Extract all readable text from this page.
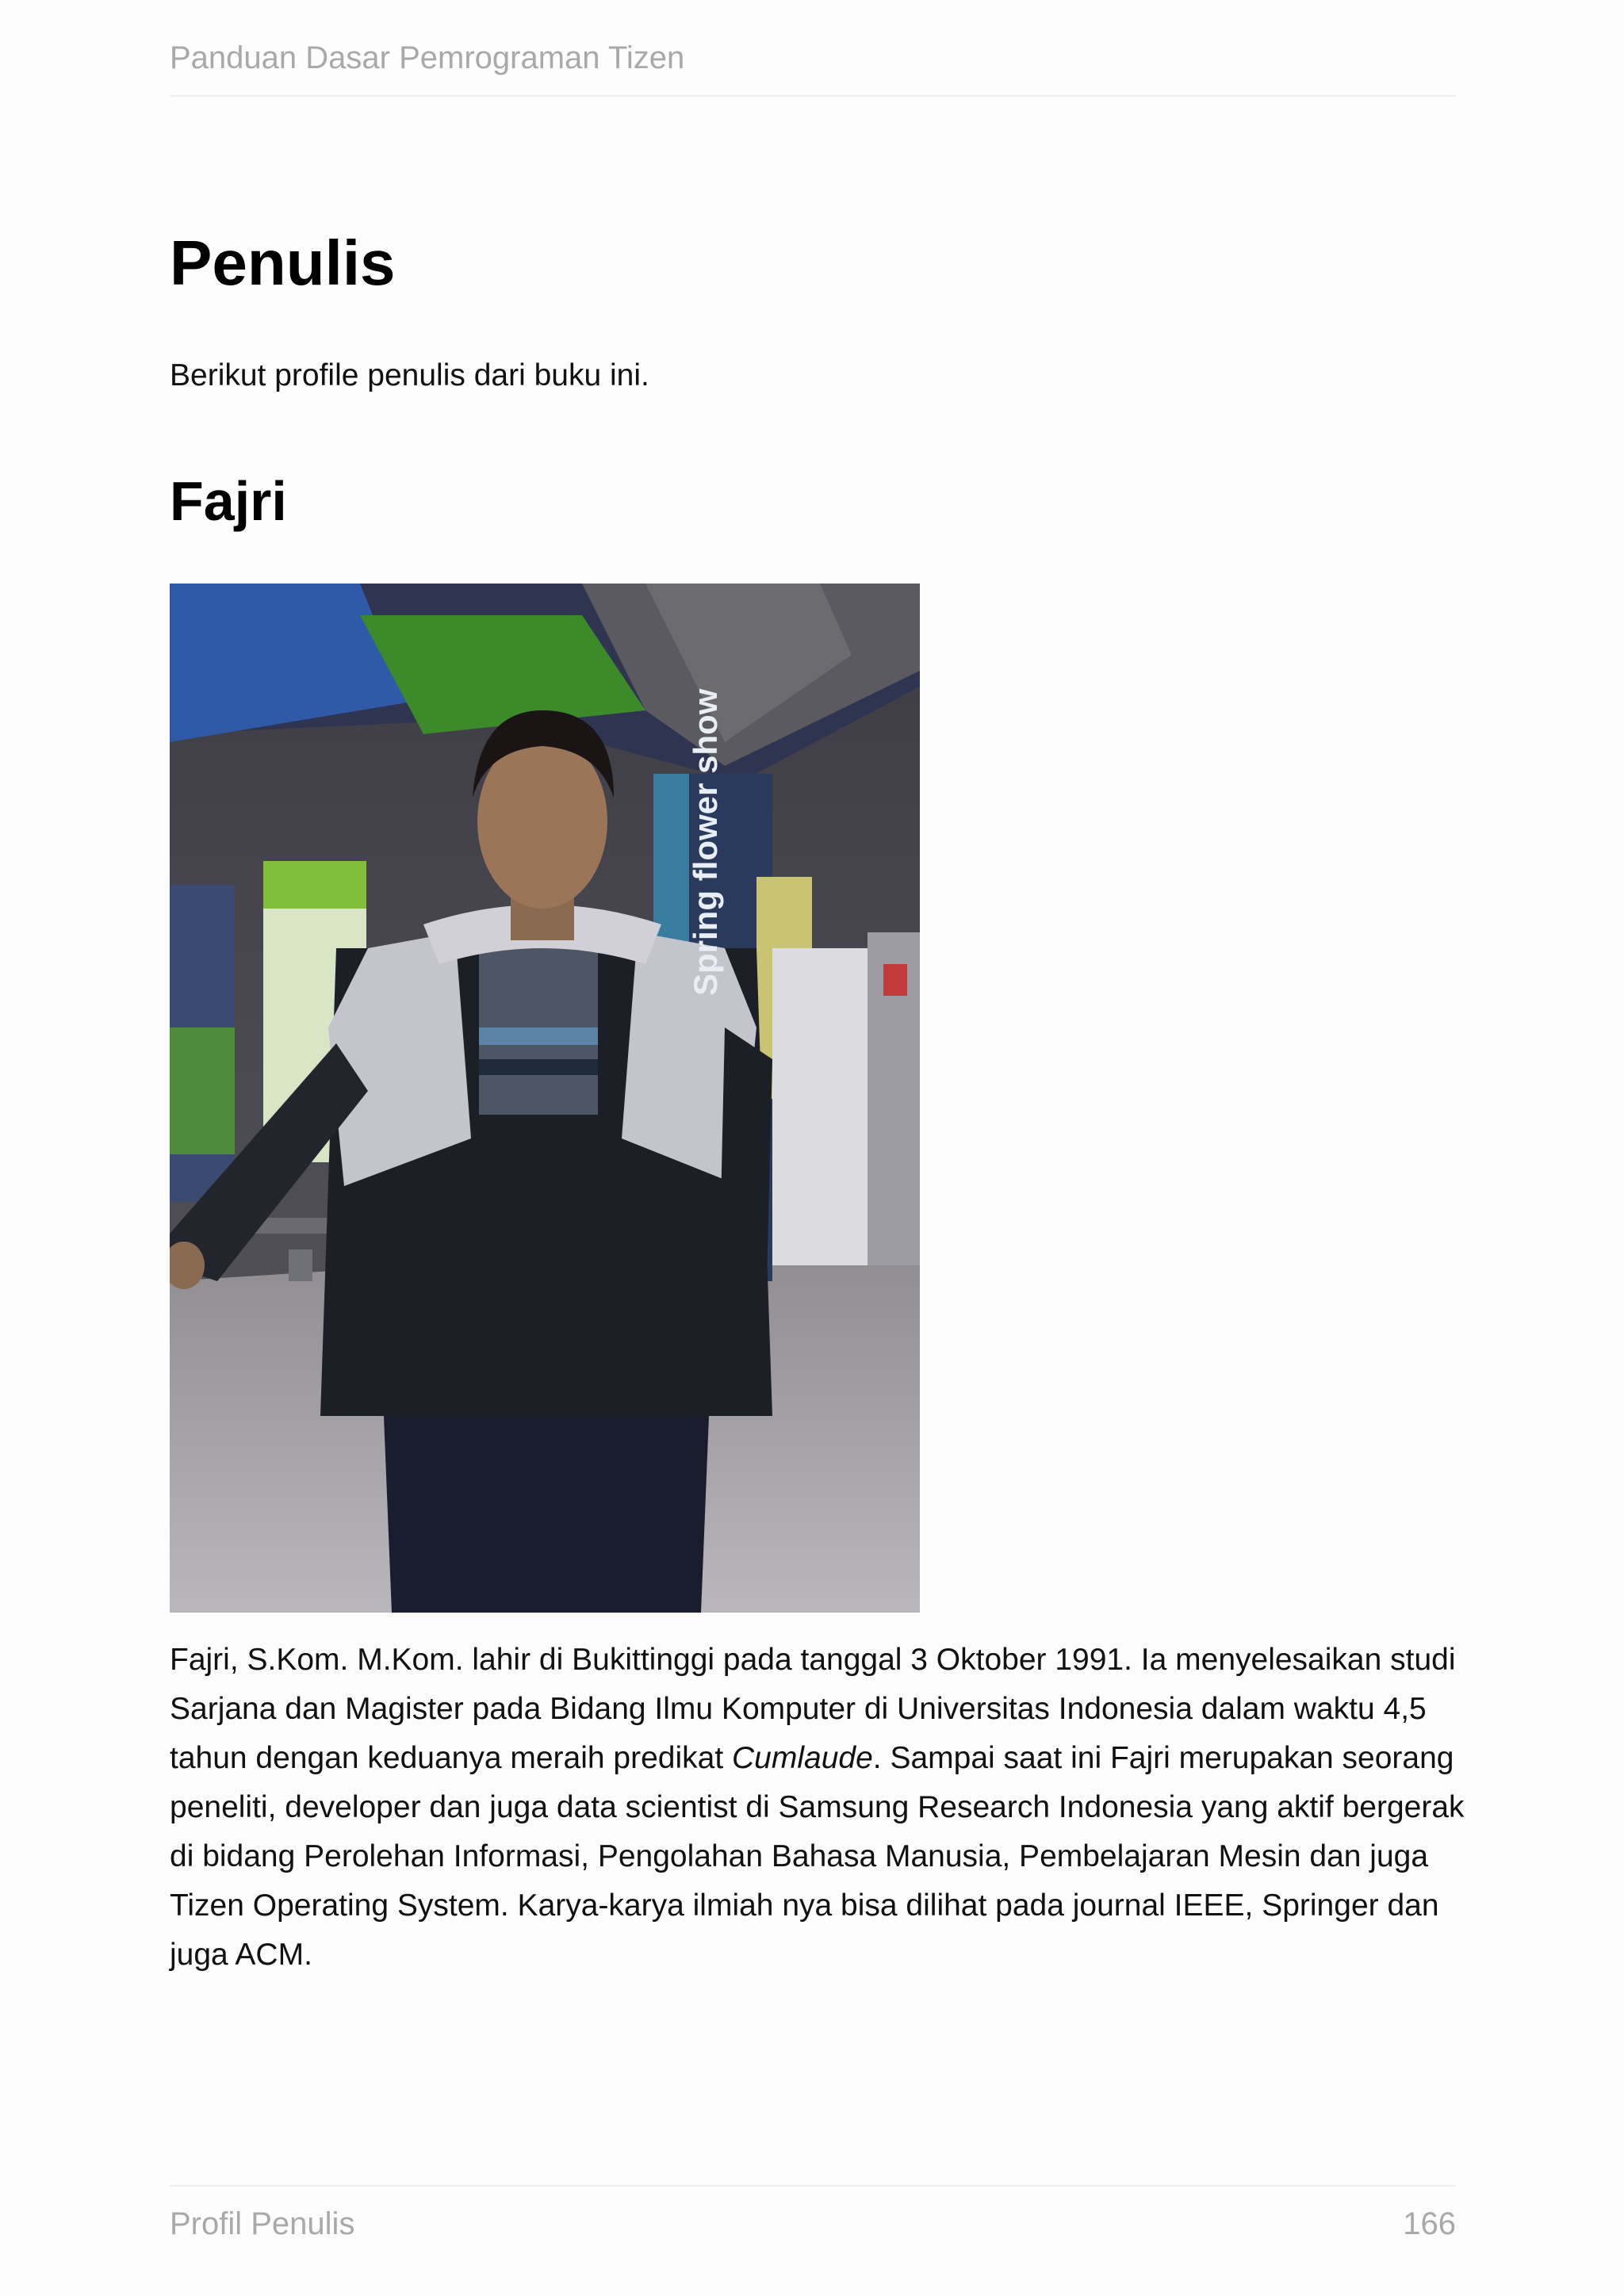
Panduan Dasar Pemrograman Tizen
Penulis

Berikut profile penulis dari buku ini.

Fajri
Spring flower show

Fajri, S.Kom. M.Kom. lahir di Bukittinggi pada tanggal 3 Oktober 1991. Ia menyelesaikan studi Sarjana dan Magister pada Bidang Ilmu Komputer di Universitas Indonesia dalam waktu 4,5 tahun dengan keduanya meraih predikat Cumlaude. Sampai saat ini Fajri merupakan seorang peneliti, developer dan juga data scientist di Samsung Research Indonesia yang aktif bergerak di bidang Perolehan Informasi, Pengolahan Bahasa Manusia, Pembelajaran Mesin dan juga Tizen Operating System. Karya-karya ilmiah nya bisa dilihat pada journal IEEE, Springer dan juga ACM.

Profil Penulis	166
